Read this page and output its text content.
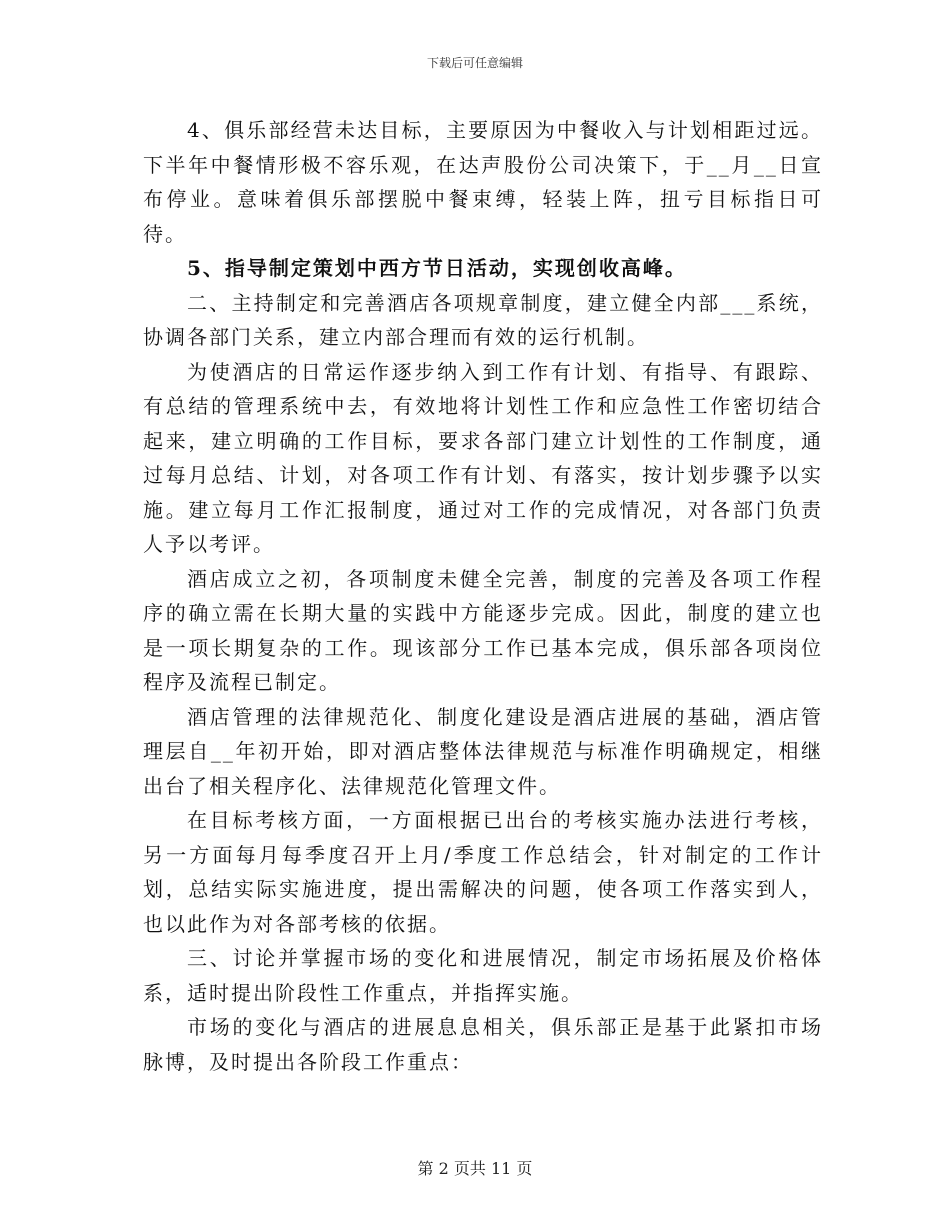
下载后可任意编辑

4、俱乐部经营未达目标，主要原因为中餐收入与计划相距过远。下半年中餐情形极不容乐观，在达声股份公司决策下，于__月__日宣布停业。意味着俱乐部摆脱中餐束缚，轻装上阵，扭亏目标指日可待。

5、指导制定策划中西方节日活动，实现创收高峰。

二、主持制定和完善酒店各项规章制度，建立健全内部___系统，协调各部门关系，建立内部合理而有效的运行机制。

为使酒店的日常运作逐步纳入到工作有计划、有指导、有跟踪、有总结的管理系统中去，有效地将计划性工作和应急性工作密切结合起来，建立明确的工作目标，要求各部门建立计划性的工作制度，通过每月总结、计划，对各项工作有计划、有落实，按计划步骤予以实施。建立每月工作汇报制度，通过对工作的完成情况，对各部门负责人予以考评。

酒店成立之初，各项制度未健全完善，制度的完善及各项工作程序的确立需在长期大量的实践中方能逐步完成。因此，制度的建立也是一项长期复杂的工作。现该部分工作已基本完成，俱乐部各项岗位程序及流程已制定。

酒店管理的法律规范化、制度化建设是酒店进展的基础，酒店管理层自__年初开始，即对酒店整体法律规范与标准作明确规定，相继出台了相关程序化、法律规范化管理文件。

在目标考核方面，一方面根据已出台的考核实施办法进行考核，另一方面每月每季度召开上月/季度工作总结会，针对制定的工作计划，总结实际实施进度，提出需解决的问题，使各项工作落实到人，也以此作为对各部考核的依据。

三、讨论并掌握市场的变化和进展情况，制定市场拓展及价格体系，适时提出阶段性工作重点，并指挥实施。

市场的变化与酒店的进展息息相关，俱乐部正是基于此紧扣市场脉博，及时提出各阶段工作重点：

第 2 页共 11 页
